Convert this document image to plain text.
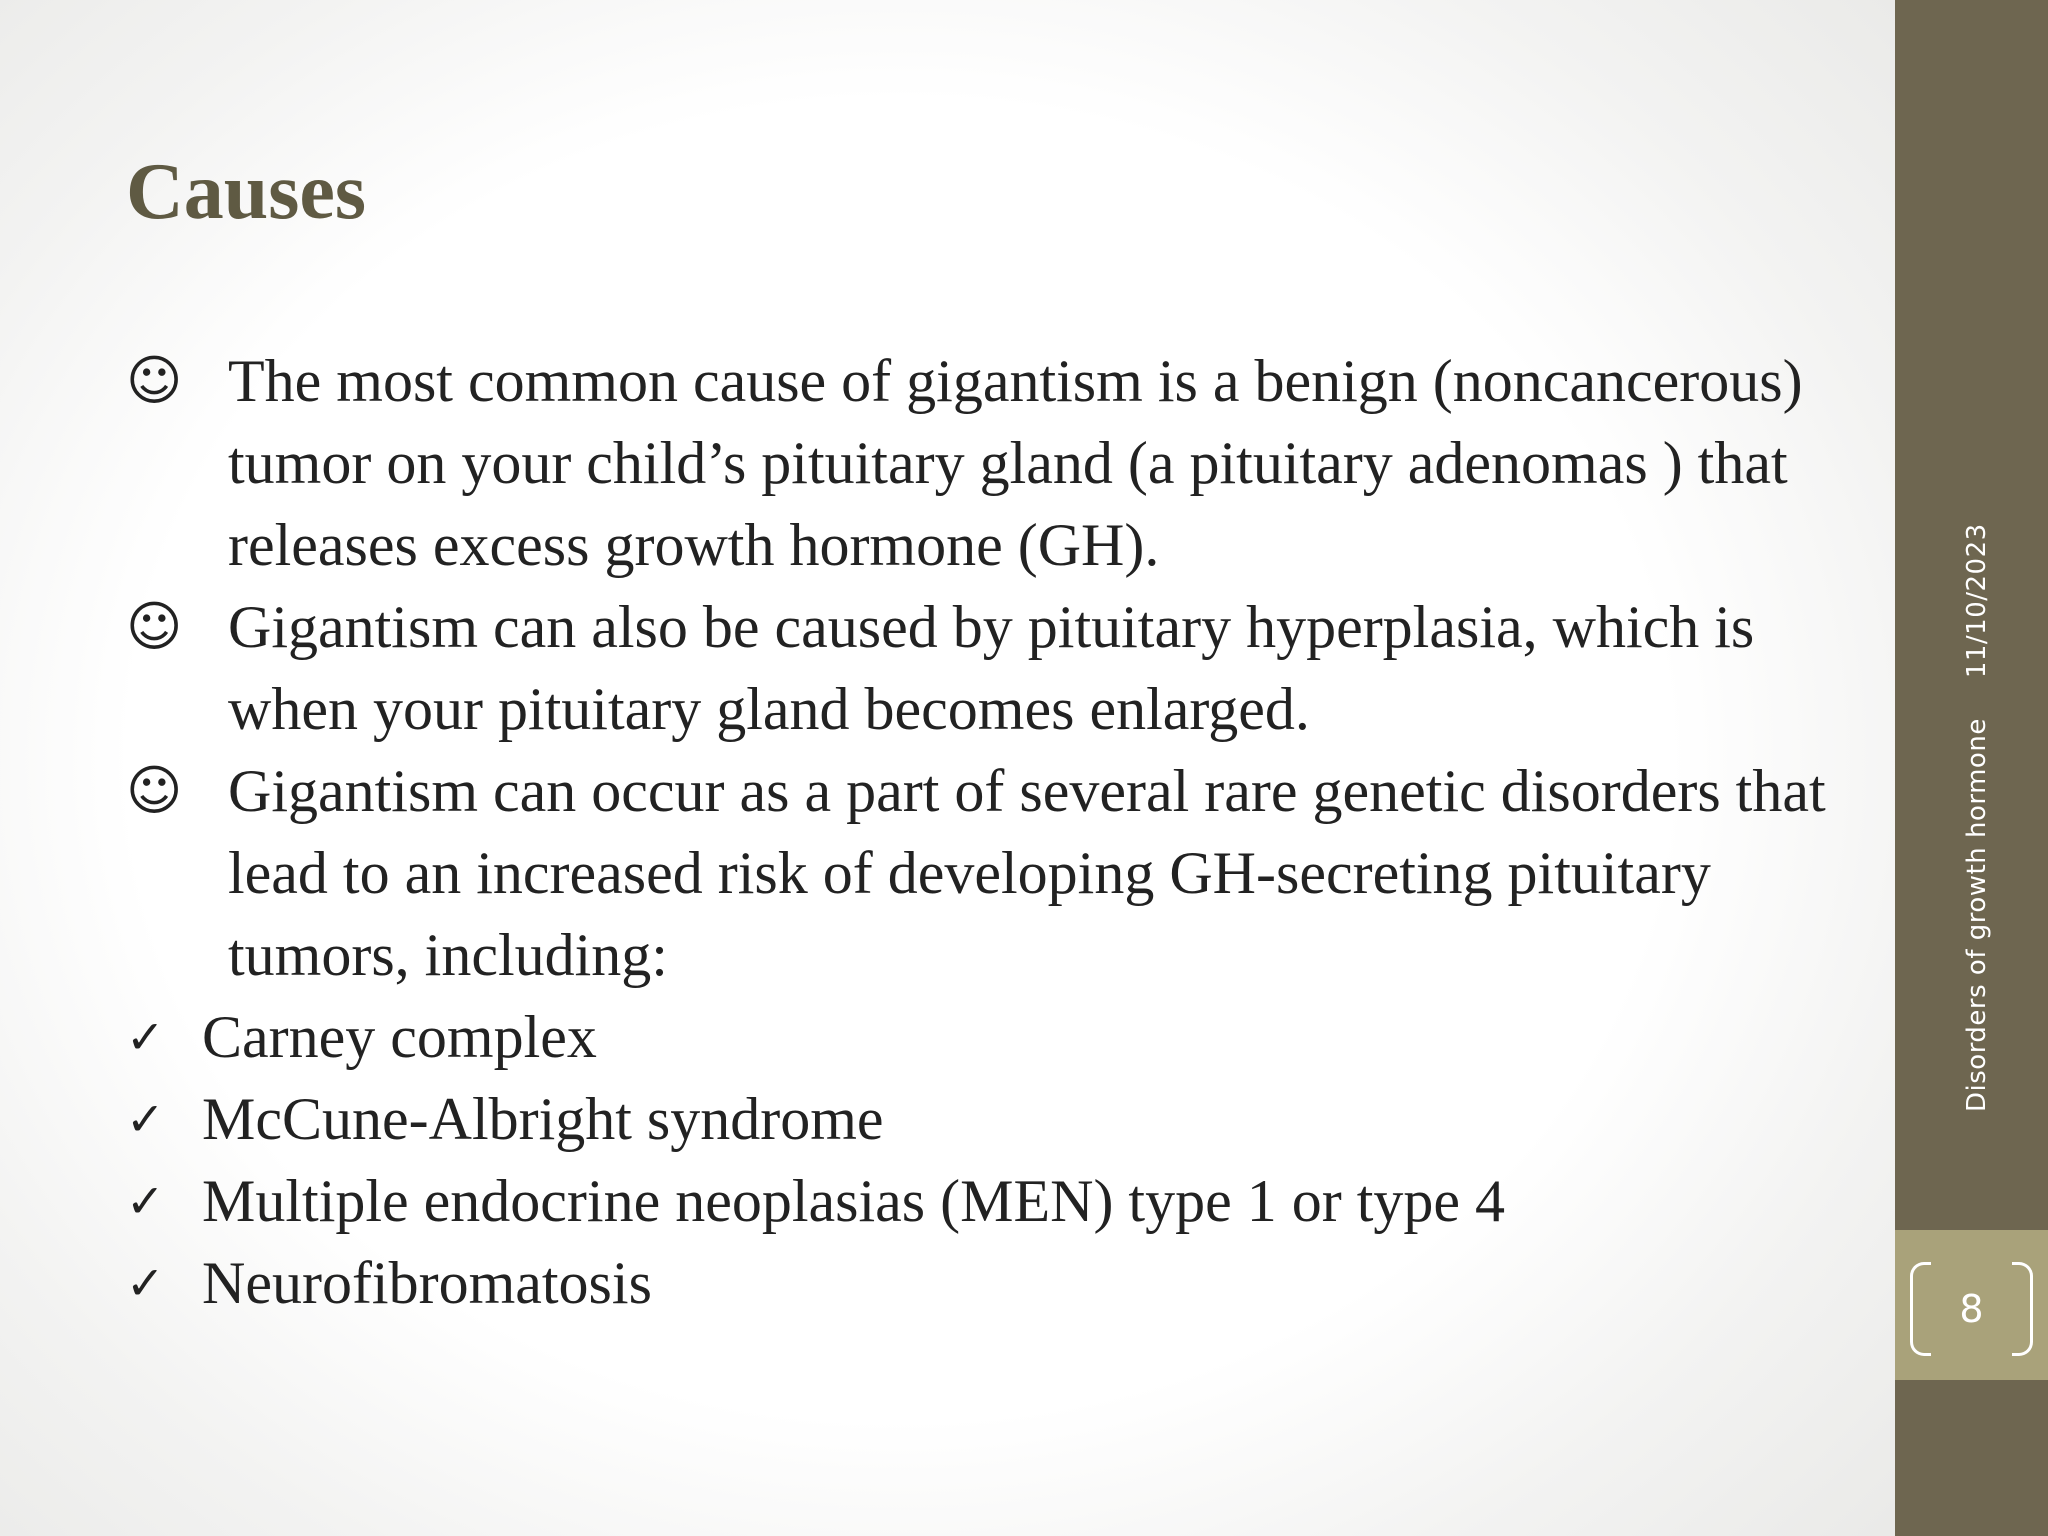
Causes
☺ The most common cause of gigantism is a benign (noncancerous) tumor on your child’s pituitary gland (a pituitary adenomas ) that releases excess growth hormone (GH).
☺ Gigantism can also be caused by pituitary hyperplasia, which is when your pituitary gland becomes enlarged.
☺ Gigantism can occur as a part of several rare genetic disorders that lead to an increased risk of developing GH-secreting pituitary tumors, including:
✓ Carney complex
✓ McCune-Albright syndrome
✓ Multiple endocrine neoplasias (MEN) type 1 or type 4
✓ Neurofibromatosis
Disorders of growth hormone11/10/2023
8
